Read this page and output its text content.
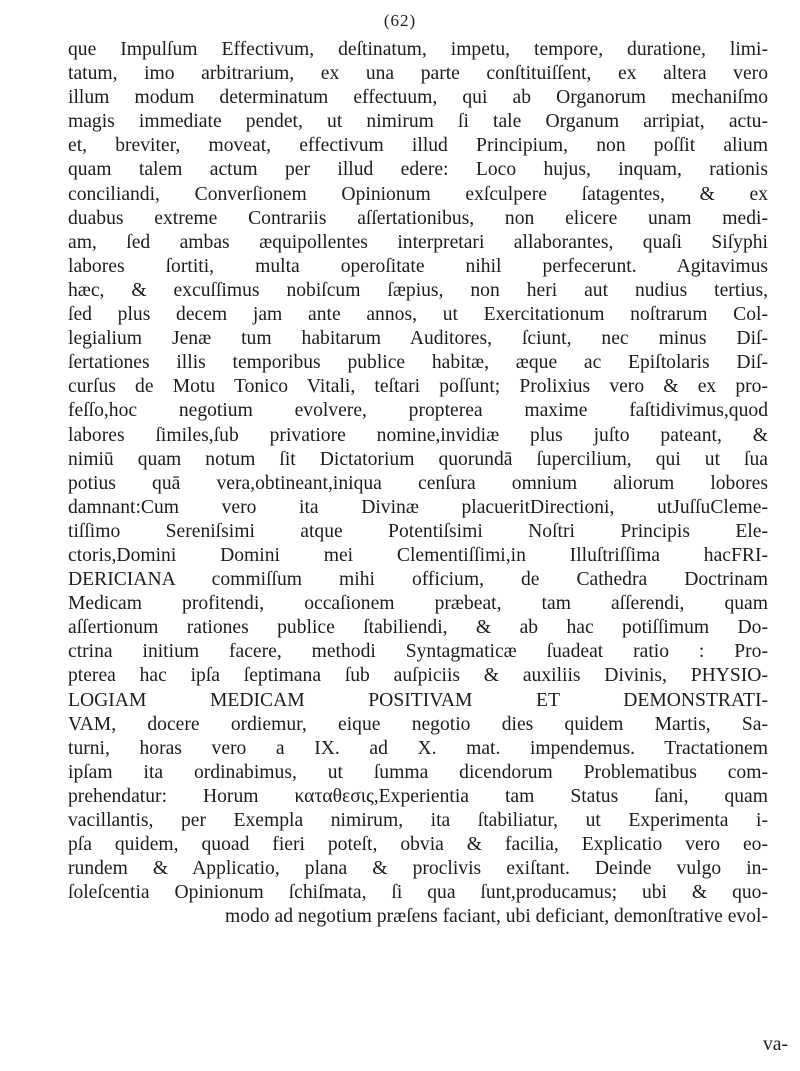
(62)
que Impulſum Effectivum, deſtinatum, impetu, tempore, duratione, limi-
tatum, imo arbitrarium, ex una parte conſtituiſſent, ex altera vero
illum modum determinatum effectuum, qui ab Organorum mechaniſmo
magis immediate pendet, ut nimirum ſi tale Organum arripiat, actu-
et, breviter, moveat, effectivum illud Principium, non poſſit alium
quam talem actum per illud edere: Loco hujus, inquam, rationis
conciliandi, Converſionem Opinionum exſculpere ſatagentes, & ex
duabus extreme Contrariis aſſertationibus, non elicere unam medi-
am, ſed ambas æquipollentes interpretari allaborantes, quaſi Siſyphi
labores ſortiti, multa operoſitate nihil perfecerunt. Agitavimus
hæc, & excuſſimus nobiſcum ſæpius, non heri aut nudius tertius,
ſed plus decem jam ante annos, ut Exercitationum noſtrarum Col-
legialium Jenæ tum habitarum Auditores, ſciunt, nec minus Diſ-
ſertationes illis temporibus publice habitæ, æque ac Epiſtolaris Diſ-
curſus de Motu Tonico Vitali, teſtari poſſunt; Prolixius vero & ex pro-
feſſo,hoc negotium evolvere, propterea maxime faſtidivimus,quod
labores ſimiles,ſub privatiore nomine,invidiæ plus juſto pateant, &
nimiū quam notum ſit Dictatorium quorundā ſupercilium, qui ut ſua
potius quā vera,obtineant,iniqua cenſura omnium aliorum lobores
damnant:Cum vero ita Divinæ placueritDirectioni, utJuſſuCleme-
tiſſimo Sereniſsimi atque Potentiſsimi Noſtri Principis Ele-
ctoris,Domini Domini mei Clementiſſimi,in Illuſtriſſima hacFRI-
DERICIANA commiſſum mihi officium, de Cathedra Doctrinam
Medicam profitendi, occaſionem præbeat, tam aſſerendi, quam
aſſertionum rationes publice ſtabiliendi, & ab hac potiſſimum Do-
ctrina initium facere, methodi Syntagmaticæ ſuadeat ratio : Pro-
pterea hac ipſa ſeptimana ſub auſpiciis & auxiliis Divinis, PHYSIO-
LOGIAM MEDICAM POSITIVAM ET DEMONSTRATI-
VAM, docere ordiemur, eique negotio dies quidem Martis, Sa-
turni, horas vero a IX. ad X. mat. impendemus. Tractationem
ipſam ita ordinabimus, ut ſumma dicendorum Problematibus com-
prehendatur: Horum καταθεσις,Experientia tam Status ſani, quam
vacillantis, per Exempla nimirum, ita ſtabiliatur, ut Experimenta i-
pſa quidem, quoad fieri poteſt, obvia & facilia, Explicatio vero eo-
rundem & Applicatio, plana & proclivis exiſtant. Deinde vulgo in-
ſoleſcentia Opinionum ſchiſmata, ſi qua ſunt,producamus; ubi & quo-
modo ad negotium præſens faciant, ubi deficiant, demonſtrative evol-
va-
